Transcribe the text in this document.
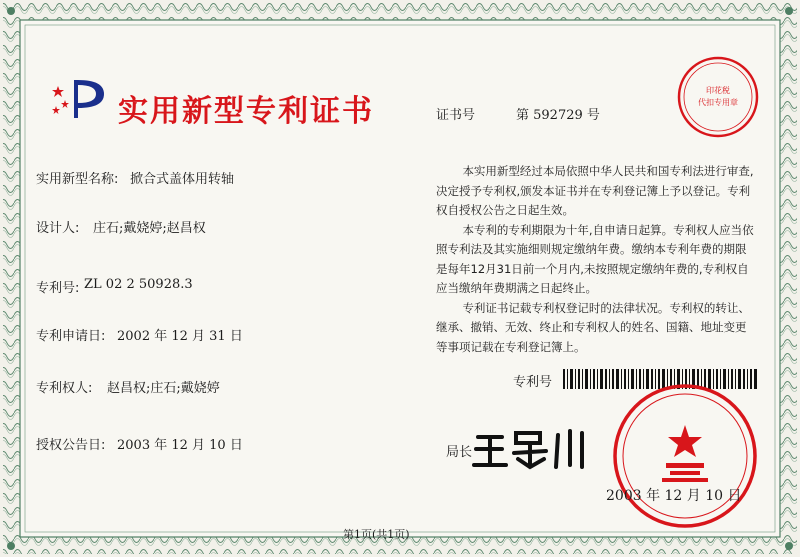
实用新型专利证书	证书号	第 592729 号
实用新型名称: 掀合式盖体用转轴
设计人: 庄石;戴娆婷;赵昌权
专利号: ZL 02 2 50928.3
专利申请日: 2002 年 12 月 31 日
专利权人: 赵昌权;庄石;戴娆婷
授权公告日: 2003 年 12 月 10 日

本实用新型经过本局依照中华人民共和国专利法进行审查,决定授予专利权,颁发本证书并在专利登记簿上予以登记。专利权自授权公告之日起生效。

本专利的专利期限为十年,自申请日起算。专利权人应当依照专利法及其实施细则规定缴纳年费。缴纳本专利年费的期限是每年12月31日前一个月内,未按照规定缴纳年费的,专利权自应当缴纳年费期满之日起终止。

专利证书记载专利权登记时的法律状况。专利权的转让、继承、撤销、无效、终止和专利权人的姓名、国籍、地址变更等事项记载在专利登记簿上。

专利号
印花税
代扣专用章
局长
2003 年 12 月 10 日
第1页(共1页)
